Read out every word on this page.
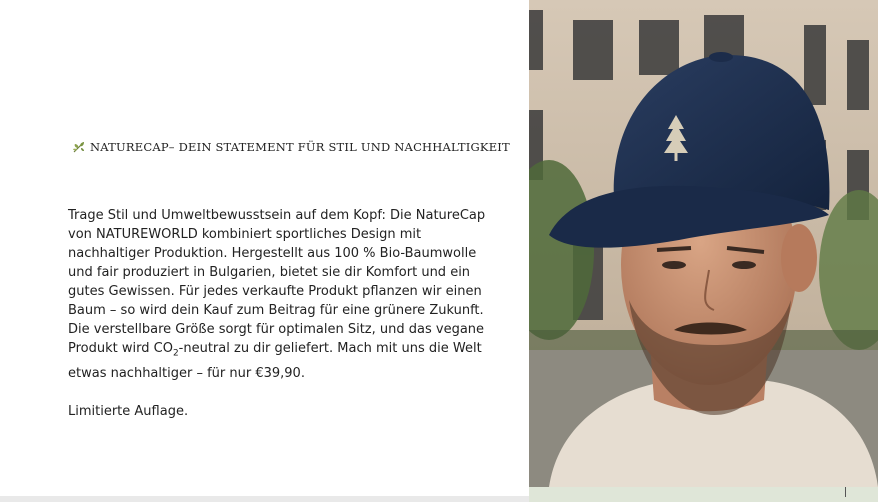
NATURECAP– DEIN STATEMENT FÜR STIL UND NACHHALTIGKEIT

Trage Stil und Umweltbewusstsein auf dem Kopf: Die NatureCap von NATUREWORLD kombiniert sportliches Design mit nachhaltiger Produktion. Hergestellt aus 100 % Bio-Baumwolle und fair produziert in Bulgarien, bietet sie dir Komfort und ein gutes Gewissen. Für jedes verkaufte Produkt pflanzen wir einen Baum – so wird dein Kauf zum Beitrag für eine grünere Zukunft. Die verstellbare Größe sorgt für optimalen Sitz, und das vegane Produkt wird $CO_2$-neutral zu dir geliefert. Mach mit uns die Welt etwas nachhaltiger – für nur €39,90.

Limitierte Auflage.
